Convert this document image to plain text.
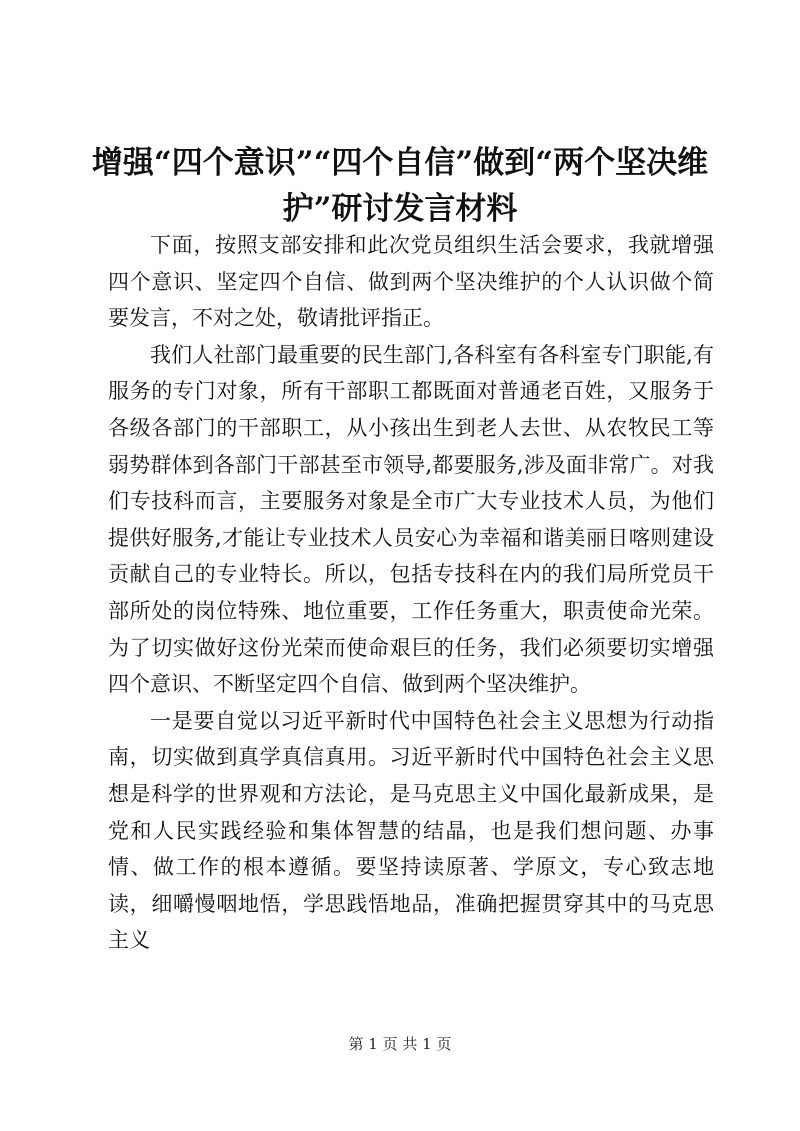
增强“四个意识”“四个自信”做到“两个坚决维护”研讨发言材料

下面，按照支部安排和此次党员组织生活会要求，我就增强四个意识、坚定四个自信、做到两个坚决维护的个人认识做个简要发言，不对之处，敬请批评指正。

我们人社部门最重要的民生部门,各科室有各科室专门职能,有服务的专门对象，所有干部职工都既面对普通老百姓，又服务于各级各部门的干部职工，从小孩出生到老人去世、从农牧民工等弱势群体到各部门干部甚至市领导,都要服务,涉及面非常广。对我们专技科而言，主要服务对象是全市广大专业技术人员，为他们提供好服务,才能让专业技术人员安心为幸福和谐美丽日喀则建设贡献自己的专业特长。所以，包括专技科在内的我们局所党员干部所处的岗位特殊、地位重要，工作任务重大，职责使命光荣。为了切实做好这份光荣而使命艰巨的任务，我们必须要切实增强四个意识、不断坚定四个自信、做到两个坚决维护。

一是要自觉以习近平新时代中国特色社会主义思想为行动指南，切实做到真学真信真用。习近平新时代中国特色社会主义思想是科学的世界观和方法论，是马克思主义中国化最新成果，是党和人民实践经验和集体智慧的结晶，也是我们想问题、办事情、做工作的根本遵循。要坚持读原著、学原文，专心致志地读，细嚼慢咽地悟，学思践悟地品，准确把握贯穿其中的马克思主义

第 1 页 共 1 页
